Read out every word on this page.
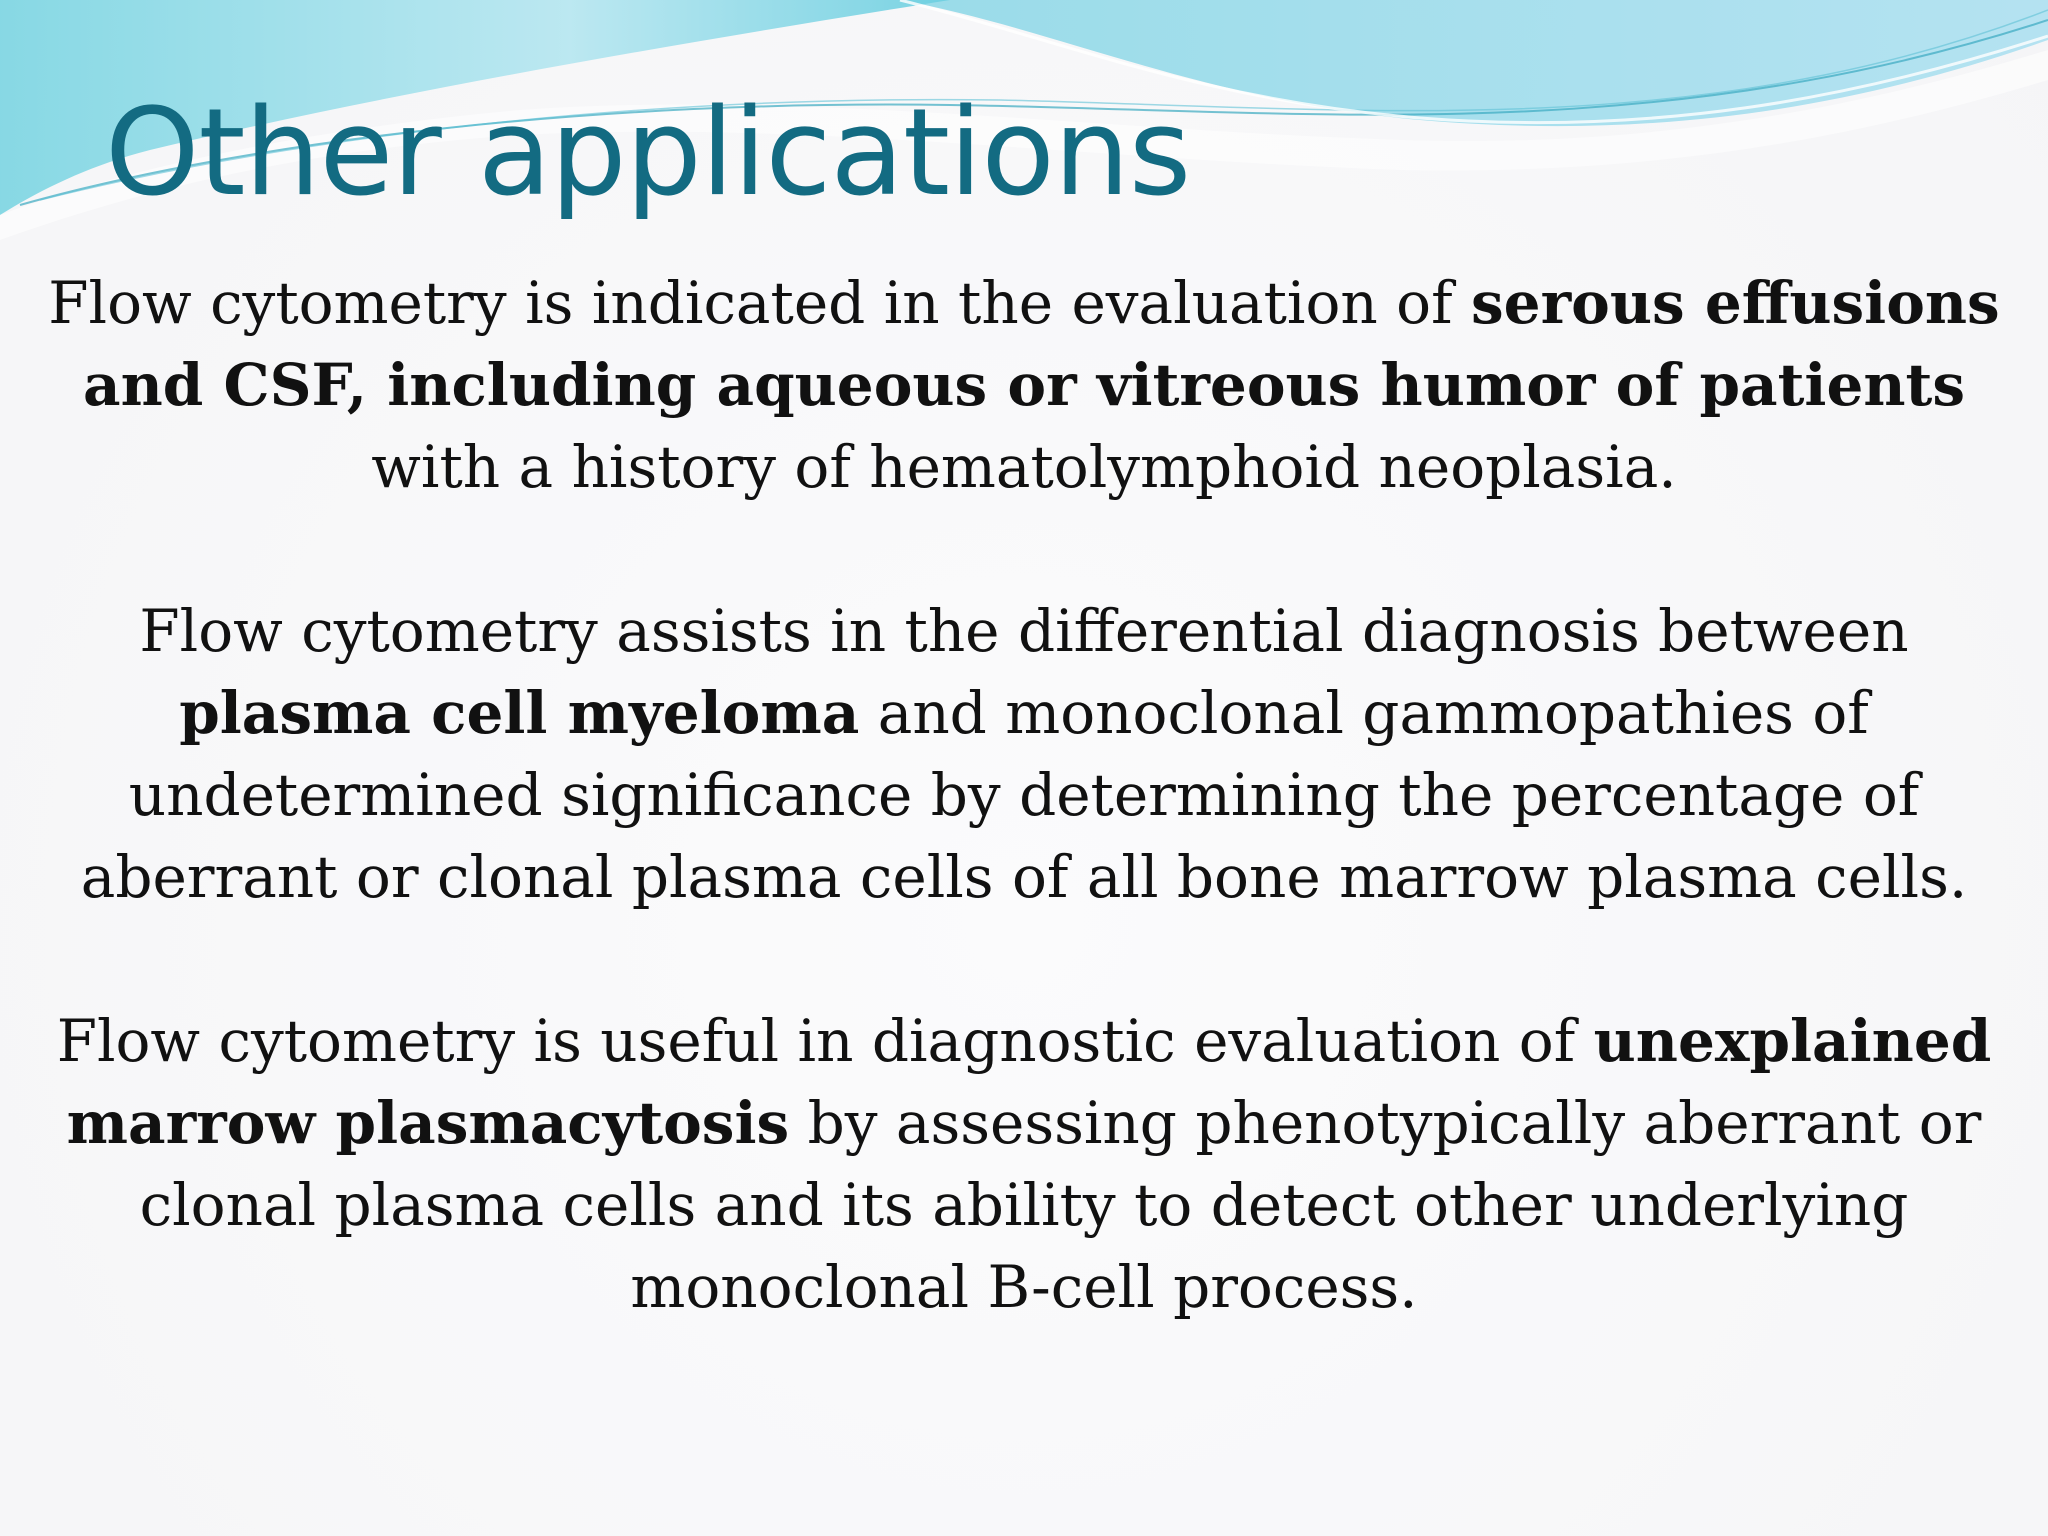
Other applications

Flow cytometry is indicated in the evaluation of serous effusions
and CSF, including aqueous or vitreous humor of patients
with a history of hematolymphoid neoplasia.

Flow cytometry assists in the differential diagnosis between
plasma cell myeloma and monoclonal gammopathies of
undetermined significance by determining the percentage of
aberrant or clonal plasma cells of all bone marrow plasma cells.

Flow cytometry is useful in diagnostic evaluation of unexplained
marrow plasmacytosis by assessing phenotypically aberrant or
clonal plasma cells and its ability to detect other underlying
monoclonal B-cell process.
